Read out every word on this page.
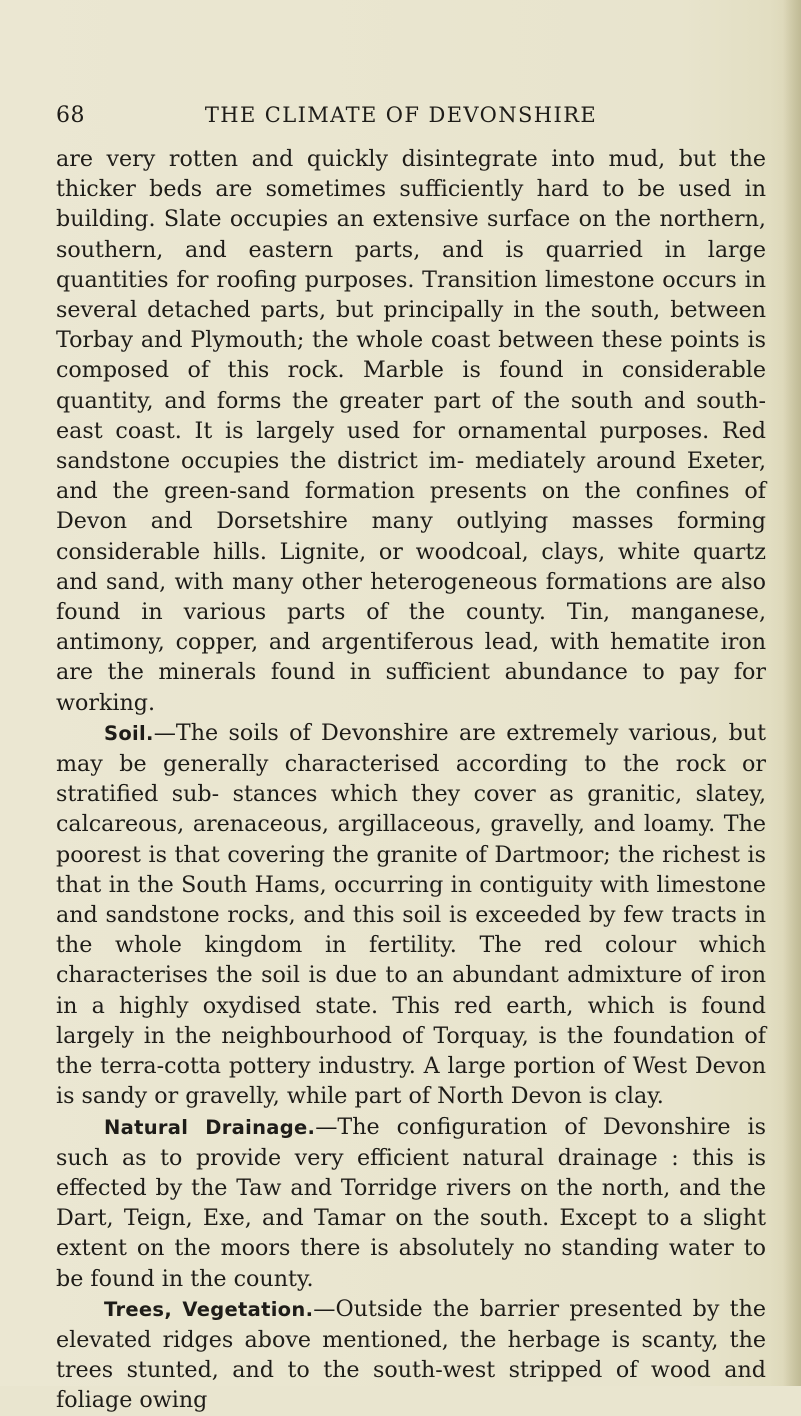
68	THE CLIMATE OF DEVONSHIRE

are very rotten and quickly disintegrate into mud, but the thicker beds are sometimes sufficiently hard to be used in building. Slate occupies an extensive surface on the northern, southern, and eastern parts, and is quarried in large quantities for roofing purposes. Transition limestone occurs in several detached parts, but principally in the south, between Torbay and Plymouth; the whole coast between these points is composed of this rock. Marble is found in considerable quantity, and forms the greater part of the south and south-east coast. It is largely used for ornamental purposes. Red sandstone occupies the district im- mediately around Exeter, and the green-sand formation presents on the confines of Devon and Dorsetshire many outlying masses forming considerable hills. Lignite, or woodcoal, clays, white quartz and sand, with many other heterogeneous formations are also found in various parts of the county. Tin, manganese, antimony, copper, and argentiferous lead, with hematite iron are the minerals found in sufficient abundance to pay for working.

Soil.—The soils of Devonshire are extremely various, but may be generally characterised according to the rock or stratified sub- stances which they cover as granitic, slatey, calcareous, arenaceous, argillaceous, gravelly, and loamy. The poorest is that covering the granite of Dartmoor; the richest is that in the South Hams, occurring in contiguity with limestone and sandstone rocks, and this soil is exceeded by few tracts in the whole kingdom in fertility. The red colour which characterises the soil is due to an abundant admixture of iron in a highly oxydised state. This red earth, which is found largely in the neighbourhood of Torquay, is the foundation of the terra-cotta pottery industry. A large portion of West Devon is sandy or gravelly, while part of North Devon is clay.

Natural Drainage.—The configuration of Devonshire is such as to provide very efficient natural drainage : this is effected by the Taw and Torridge rivers on the north, and the Dart, Teign, Exe, and Tamar on the south. Except to a slight extent on the moors there is absolutely no standing water to be found in the county.

Trees, Vegetation.—Outside the barrier presented by the elevated ridges above mentioned, the herbage is scanty, the trees stunted, and to the south-west stripped of wood and foliage owing
